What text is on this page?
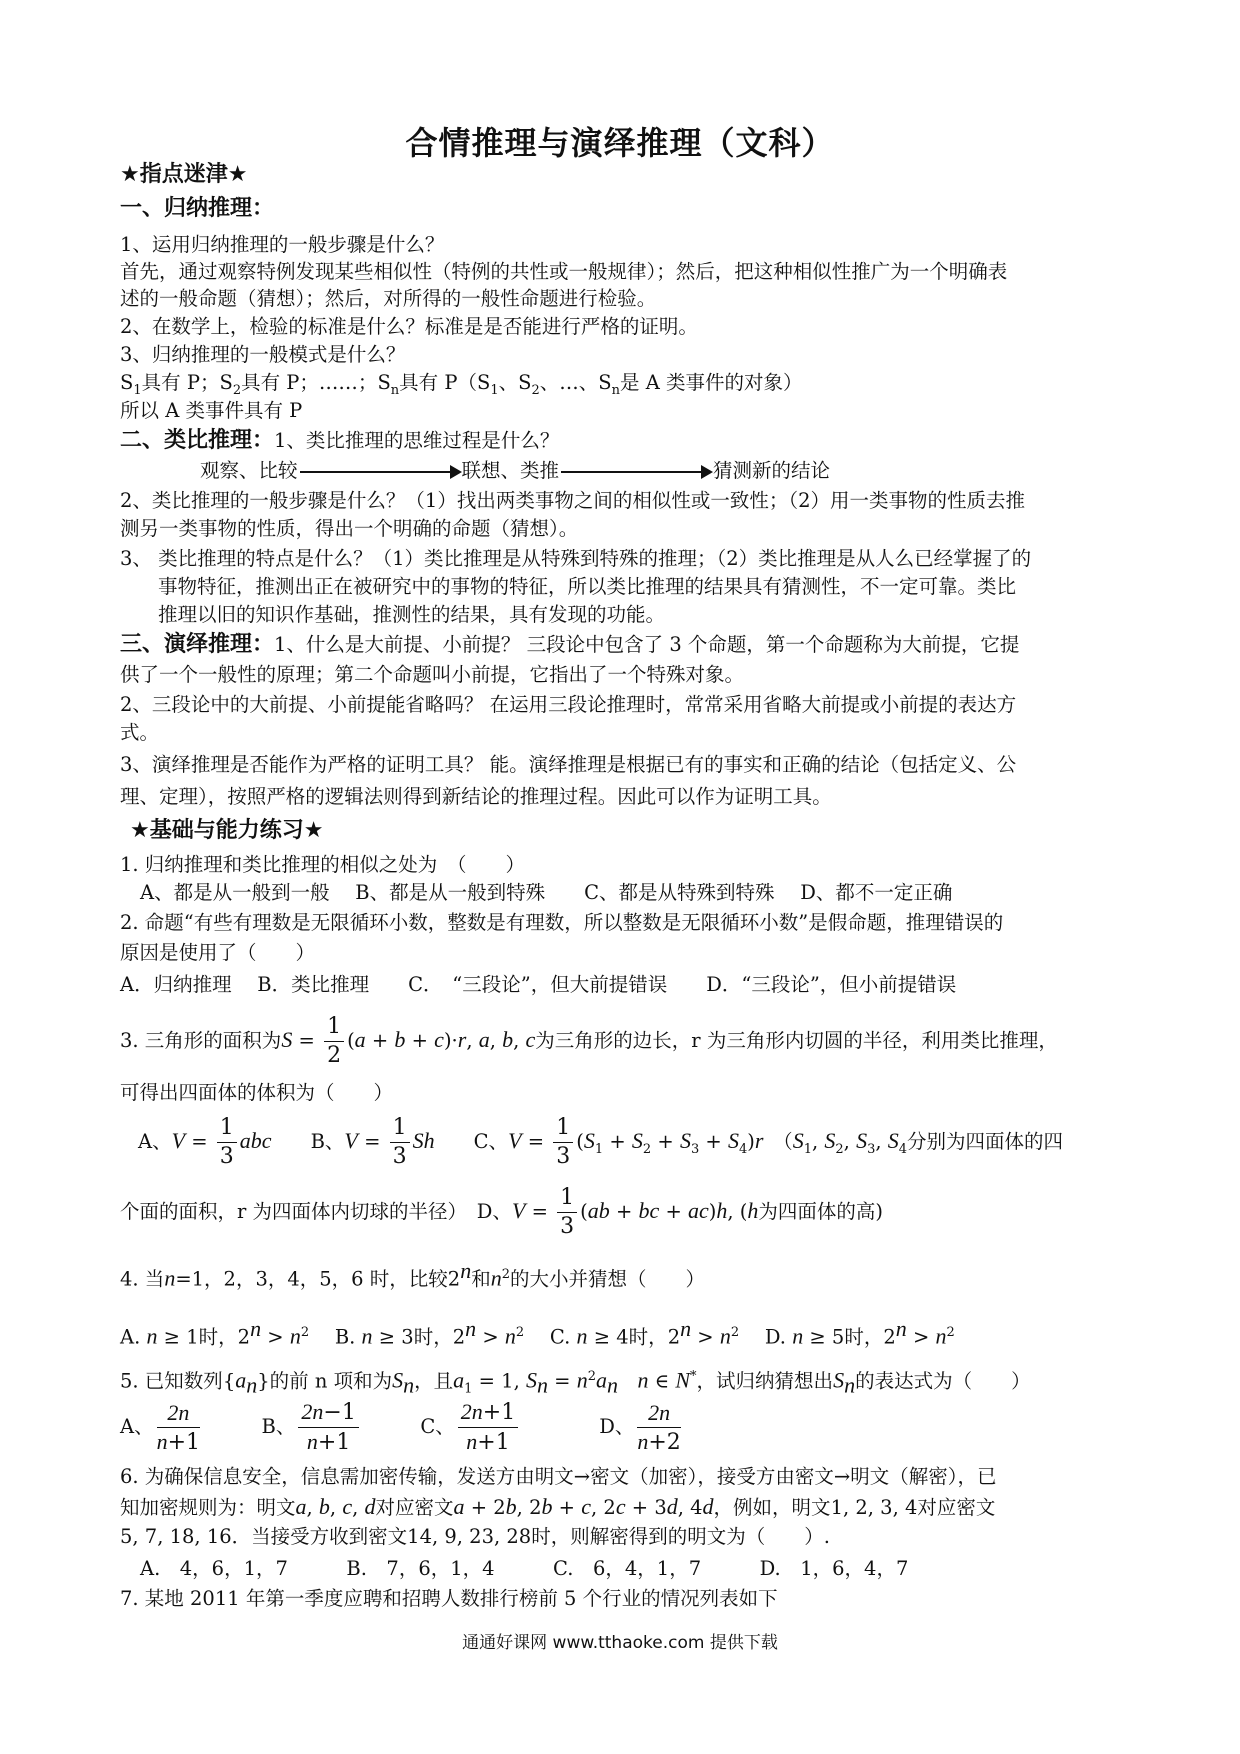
合情推理与演绎推理（文科）
★指点迷津★
一、归纳推理：
1、运用归纳推理的一般步骤是什么？
首先，通过观察特例发现某些相似性（特例的共性或一般规律）；然后，把这种相似性推广为一个明确表
述的一般命题（猜想）；然后，对所得的一般性命题进行检验。
2、在数学上，检验的标准是什么？标准是是否能进行严格的证明。
3、归纳推理的一般模式是什么？
$S_1$具有 P；$S_2$具有 P；……；$S_n$具有 $P(S_1$、$S_2$、…、$S_n$是 A 类事件的对象）
所以 A 类事件具有 P
二、类比推理：1、类比推理的思维过程是什么？
观察、比较	联想、类推	猜测新的结论
2、类比推理的一般步骤是什么？（1）找出两类事物之间的相似性或一致性；（2）用一类事物的性质去推
测另一类事物的性质，得出一个明确的命题（猜想）。
3、 类比推理的特点是什么？（1）类比推理是从特殊到特殊的推理；（2）类比推理是从人么已经掌握了的
事物特征，推测出正在被研究中的事物的特征，所以类比推理的结果具有猜测性，不一定可靠。类比
推理以旧的知识作基础，推测性的结果，具有发现的功能。
三、演绎推理：1、什么是大前提、小前提？ 三段论中包含了 3 个命题，第一个命题称为大前提，它提
供了一个一般性的原理；第二个命题叫小前提，它指出了一个特殊对象。
2、三段论中的大前提、小前提能省略吗？ 在运用三段论推理时，常常采用省略大前提或小前提的表达方
式。
3、演绎推理是否能作为严格的证明工具？ 能。演绎推理是根据已有的事实和正确的结论（包括定义、公
理、定理），按照严格的逻辑法则得到新结论的推理过程。因此可以作为证明工具。
★基础与能力练习★
1. 归纳推理和类比推理的相似之处为　（　　）
A、都是从一般到一般　 B、都是从一般到特殊　　C、都是从特殊到特殊　 D、都不一定正确
2. 命题“有些有理数是无限循环小数，整数是有理数，所以整数是无限循环小数”是假命题，推理错误的
原因是使用了（　　）
A．归纳推理　 B．类比推理　　C．　“三段论”，但大前提错误　　D．“三段论”，但小前提错误
3. 三角形的面积为$S = \frac{1}{2} (a + b + c)\cdot r$, a, b, c为三角形的边长，r 为三角形内切圆的半径，利用类比推理，
可得出四面体的体积为（　　）
A、$V = \frac{1}{3}$ abc　　 B、$V = \frac{1}{3}$ Sh　　 C、$V = \frac{1}{3} (S_1 + S_2 + S_3 + S_4)r$　（$S_1$, $S_2$, $S_3$, $S_4$分别为四面体的四
个面的面积，r 为四面体内切球的半径）　 D、$V = \frac{1}{3} (ab$ + bc + ac)h, (h为四面体的高)
4. 当n=1，2，3，4，5，6 时，比较2$^n$和$n^2$的大小并猜想（　　）
A. n ≥ 1时，$2^n > n^2$　 B. n ≥ 3时，$2^n > n^2$　 C. n ≥ 4时，$2^n > n^2$　 D. n ≥ 5时，$2^n > n^2$
5. 已知数列$\{a_n\}$的前 n 项和为$S_n$，且$a_1 = 1$, $S_n = n^2a_n$　 n ∈ N*，试归纳猜想出$S_n$的表达式为（　　）
A、 $\frac{2n}{n+1}$
　　　	B、 $\frac{2n-1}{n+1}$
　　　	C、 $\frac{2n+1}{n+1}$
　　　　	D、 $\frac{2n}{n+2}$
6. 为确保信息安全，信息需加密传输，发送方由明文→密文（加密），接受方由密文→明文（解密），已
知加密规则为：明文a, b, c, d对应密文a + 2b, 2b + c, 2c + 3d, 4d，例如，明文1, 2, 3, 4对应密文
5, 7, 18, 16．当接受方收到密文14, 9, 23, 28时，则解密得到的明文为（　　）.
A.　4，6，1，7　　　B.　7，6，1，4　　　C.　6，4，1，7　　　D.　1，6，4，7
7. 某地 2011 年第一季度应聘和招聘人数排行榜前 5 个行业的情况列表如下
通通好课网 www.tthaoke.com 提供下载
